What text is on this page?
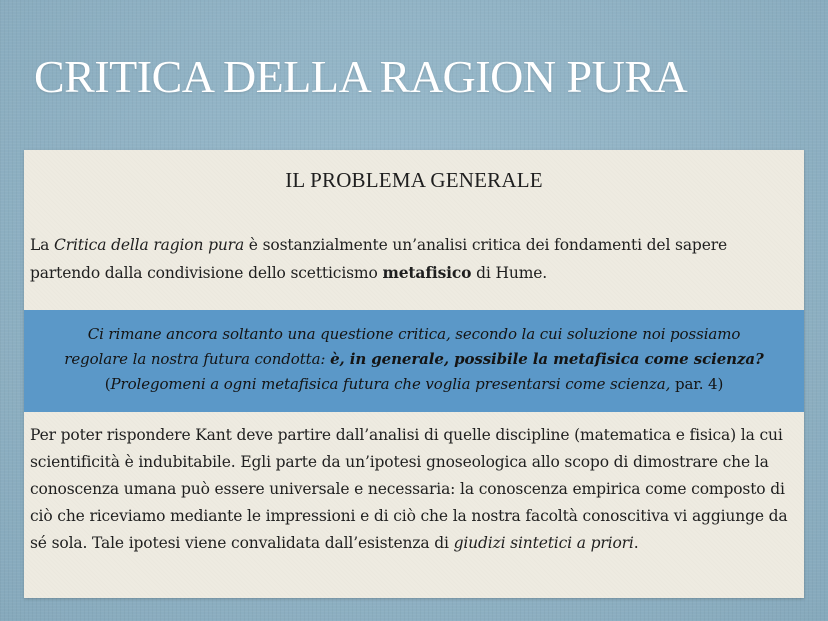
CRITICA DELLA RAGION PURA
IL PROBLEMA GENERALE

La Critica della ragion pura è sostanzialmente un’analisi critica dei fondamenti del sapere partendo dalla condivisione dello scetticismo metafisico di Hume.

Ci rimane ancora soltanto una questione critica, secondo la cui soluzione noi possiamo
regolare la nostra futura condotta: è, in generale, possibile la metafisica come scienza?
(Prolegomeni a ogni metafisica futura che voglia presentarsi come scienza, par. 4)

Per poter rispondere Kant deve partire dall’analisi di quelle discipline (matematica e fisica) la cui scientificità è indubitabile. Egli parte da un’ipotesi gnoseologica allo scopo di dimostrare che la conoscenza umana può essere universale e necessaria: la conoscenza empirica come composto di ciò che riceviamo mediante le impressioni e di ciò che la nostra facoltà conoscitiva vi aggiunge da sé sola. Tale ipotesi viene convalidata dall’esistenza di giudizi sintetici a priori.
